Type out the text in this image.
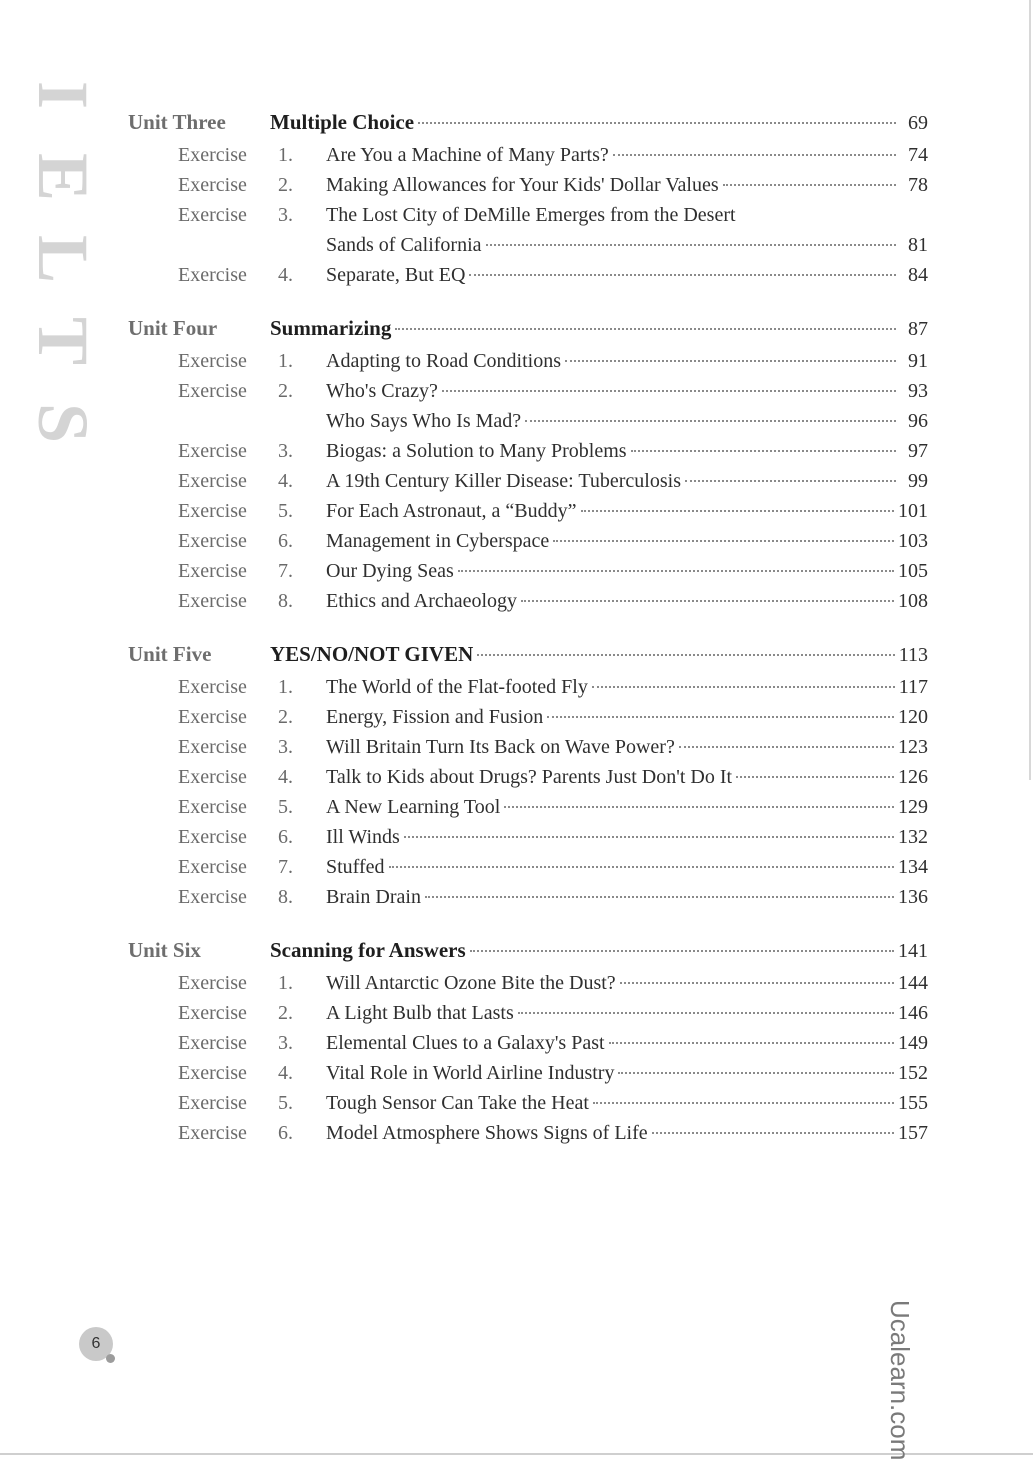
I
E
L
T
S
Unit Three	Multiple Choice	69
Exercise	1.	Are You a Machine of Many Parts?	74
Exercise	2.	Making Allowances for Your Kids' Dollar Values	78
Exercise	3.	The Lost City of DeMille Emerges from the Desert
Sands of California	81
Exercise	4.	Separate, But EQ	84
Unit Four	Summarizing	87
Exercise	1.	Adapting to Road Conditions	91
Exercise	2.	Who's Crazy?	93
Who Says Who Is Mad?	96
Exercise	3.	Biogas: a Solution to Many Problems	97
Exercise	4.	A 19th Century Killer Disease: Tuberculosis	99
Exercise	5.	For Each Astronaut, a “Buddy”	101
Exercise	6.	Management in Cyberspace	103
Exercise	7.	Our Dying Seas	105
Exercise	8.	Ethics and Archaeology	108
Unit Five	YES/NO/NOT GIVEN	113
Exercise	1.	The World of the Flat-footed Fly	117
Exercise	2.	Energy, Fission and Fusion	120
Exercise	3.	Will Britain Turn Its Back on Wave Power?	123
Exercise	4.	Talk to Kids about Drugs? Parents Just Don't Do It	126
Exercise	5.	A New Learning Tool	129
Exercise	6.	Ill Winds	132
Exercise	7.	Stuffed	134
Exercise	8.	Brain Drain	136
Unit Six	Scanning for Answers	141
Exercise	1.	Will Antarctic Ozone Bite the Dust?	144
Exercise	2.	A Light Bulb that Lasts	146
Exercise	3.	Elemental Clues to a Galaxy's Past	149
Exercise	4.	Vital Role in World Airline Industry	152
Exercise	5.	Tough Sensor Can Take the Heat	155
Exercise	6.	Model Atmosphere Shows Signs of Life	157
6	Ucalearn.com
